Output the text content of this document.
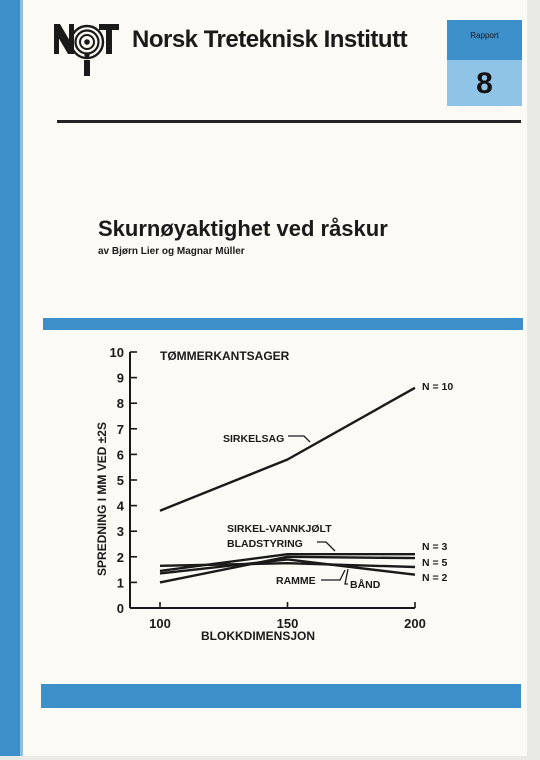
Norsk Treteknisk Institutt	Rapport
8
Skurnøyaktighet ved råskur
av Bjørn Lier og Magnar Müller
0
1
2
3
4
5
6
7
8
9
10
100	150	200
SIRKELSAG
SIRKEL-VANNKJØLT
BLADSTYRING
RAMME	BÅND
N = 10
N = 3
N = 5
N = 2
TØMMERKANTSAGER
BLOKKDIMENSJON
SPREDNING I MM VED ±2S
